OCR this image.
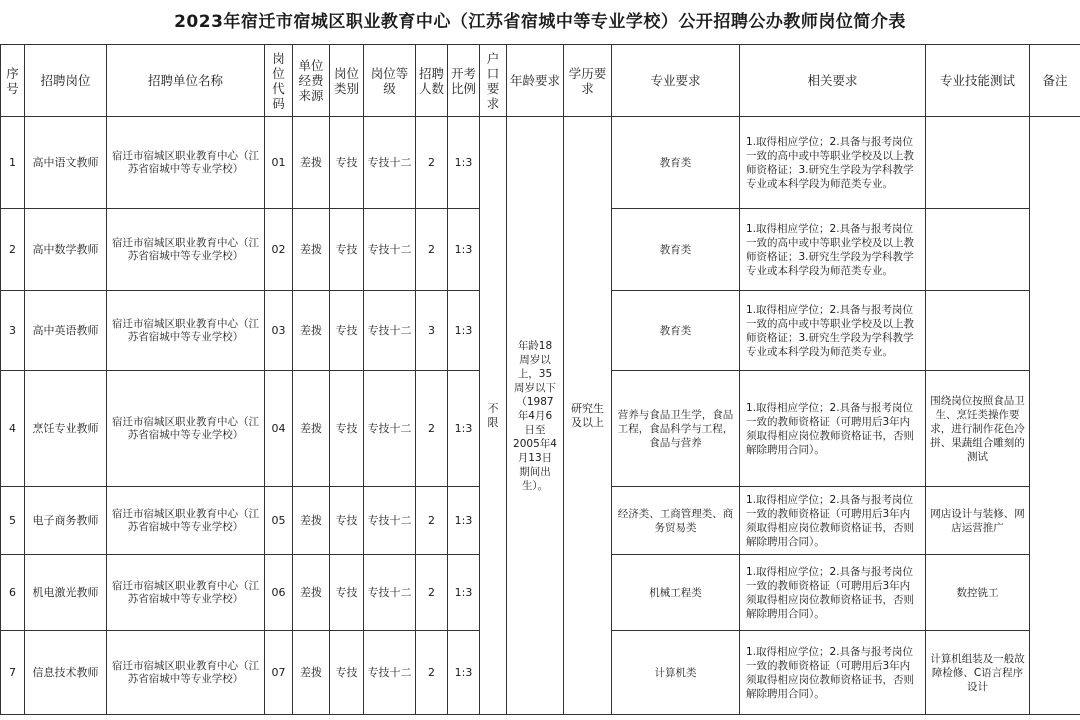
2023年宿迁市宿城区职业教育中心（江苏省宿城中等专业学校）公开招聘公办教师岗位简介表
序号	招聘岗位	招聘单位名称	岗位代码	单位经费来源	岗位类别	岗位等级	招聘人数	开考比例	户口要求	年龄要求	学历要求	专业要求	相关要求	专业技能测试	备注
1	高中语文教师	宿迁市宿城区职业教育中心（江苏省宿城中等专业学校）	01	差拨	专技	专技十二	2	1:3	不限	年龄18周岁以上，35周岁以下（1987年4月6日至2005年4月13日期间出生）。	研究生及以上	教育类	1.取得相应学位；2.具备与报考岗位一致的高中或中等职业学校及以上教师资格证；3.研究生学段为学科教学专业或本科学段为师范类专业。		
2	高中数学教师	宿迁市宿城区职业教育中心（江苏省宿城中等专业学校）	02	差拨	专技	专技十二	2	1:3				教育类	1.取得相应学位；2.具备与报考岗位一致的高中或中等职业学校及以上教师资格证；3.研究生学段为学科教学专业或本科学段为师范类专业。		
3	高中英语教师	宿迁市宿城区职业教育中心（江苏省宿城中等专业学校）	03	差拨	专技	专技十二	3	1:3				教育类	1.取得相应学位；2.具备与报考岗位一致的高中或中等职业学校及以上教师资格证；3.研究生学段为学科教学专业或本科学段为师范类专业。		
4	烹饪专业教师	宿迁市宿城区职业教育中心（江苏省宿城中等专业学校）	04	差拨	专技	专技十二	2	1:3				营养与食品卫生学，食品工程，食品科学与工程，食品与营养	1.取得相应学位；2.具备与报考岗位一致的教师资格证（可聘用后3年内须取得相应岗位教师资格证书，否则解除聘用合同）。	围绕岗位按照食品卫生、烹饪类操作要求，进行制作花色冷拼、果蔬组合雕刻的测试	
5	电子商务教师	宿迁市宿城区职业教育中心（江苏省宿城中等专业学校）	05	差拨	专技	专技十二	2	1:3				经济类、工商管理类、商务贸易类	1.取得相应学位；2.具备与报考岗位一致的教师资格证（可聘用后3年内须取得相应岗位教师资格证书，否则解除聘用合同）。	网店设计与装修、网店运营推广	
6	机电激光教师	宿迁市宿城区职业教育中心（江苏省宿城中等专业学校）	06	差拨	专技	专技十二	2	1:3				机械工程类	1.取得相应学位；2.具备与报考岗位一致的教师资格证（可聘用后3年内须取得相应岗位教师资格证书，否则解除聘用合同）。	数控铣工	
7	信息技术教师	宿迁市宿城区职业教育中心（江苏省宿城中等专业学校）	07	差拨	专技	专技十二	2	1:3				计算机类	1.取得相应学位；2.具备与报考岗位一致的教师资格证（可聘用后3年内须取得相应岗位教师资格证书，否则解除聘用合同）。	计算机组装及一般故障检修、C语言程序设计	
